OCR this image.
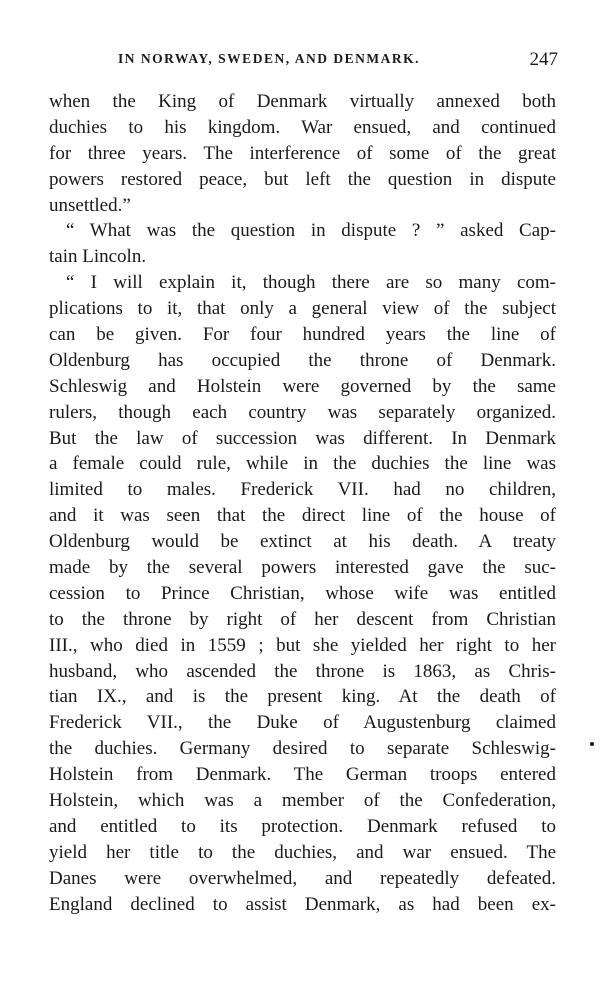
IN NORWAY, SWEDEN, AND DENMARK.	247
when the King of Denmark virtually annexed both
duchies to his kingdom. War ensued, and continued
for three years. The interference of some of the great
powers restored peace, but left the question in dispute
unsettled.”
“ What was the question in dispute ? ” asked Cap-
tain Lincoln.
“ I will explain it, though there are so many com-
plications to it, that only a general view of the subject
can be given. For four hundred years the line of
Oldenburg has occupied the throne of Denmark.
Schleswig and Holstein were governed by the same
rulers, though each country was separately organized.
But the law of succession was different. In Denmark
a female could rule, while in the duchies the line was
limited to males. Frederick VII. had no children,
and it was seen that the direct line of the house of
Oldenburg would be extinct at his death. A treaty
made by the several powers interested gave the suc-
cession to Prince Christian, whose wife was entitled
to the throne by right of her descent from Christian
III., who died in 1559 ; but she yielded her right to her
husband, who ascended the throne is 1863, as Chris-
tian IX., and is the present king. At the death of
Frederick VII., the Duke of Augustenburg claimed
the duchies. Germany desired to separate Schleswig-
Holstein from Denmark. The German troops entered
Holstein, which was a member of the Confederation,
and entitled to its protection. Denmark refused to
yield her title to the duchies, and war ensued. The
Danes were overwhelmed, and repeatedly defeated.
England declined to assist Denmark, as had been ex-
